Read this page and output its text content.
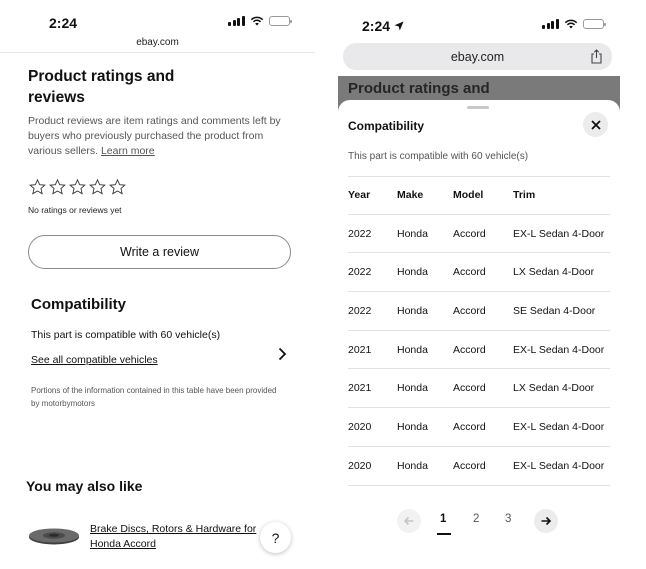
2:24
ebay.com
Product ratings and reviews
Product reviews are item ratings and comments left by buyers who previously purchased the product from various sellers. Learn more
No ratings or reviews yet
Write a review
Compatibility
This part is compatible with 60 vehicle(s)
See all compatible vehicles
Portions of the information contained in this table have been provided by motorbymotors
You may also like
Brake Discs, Rotors & Hardware for Honda Accord	?
2:24
ebay.com
Product ratings and
Compatibility
This part is compatible with 60 vehicle(s)
Year	Make	Model	Trim
2022	Honda	Accord	EX-L Sedan 4-Door
2022	Honda	Accord	LX Sedan 4-Door
2022	Honda	Accord	SE Sedan 4-Door
2021	Honda	Accord	EX-L Sedan 4-Door
2021	Honda	Accord	LX Sedan 4-Door
2020	Honda	Accord	EX-L Sedan 4-Door
2020	Honda	Accord	EX-L Sedan 4-Door
1 2 3
